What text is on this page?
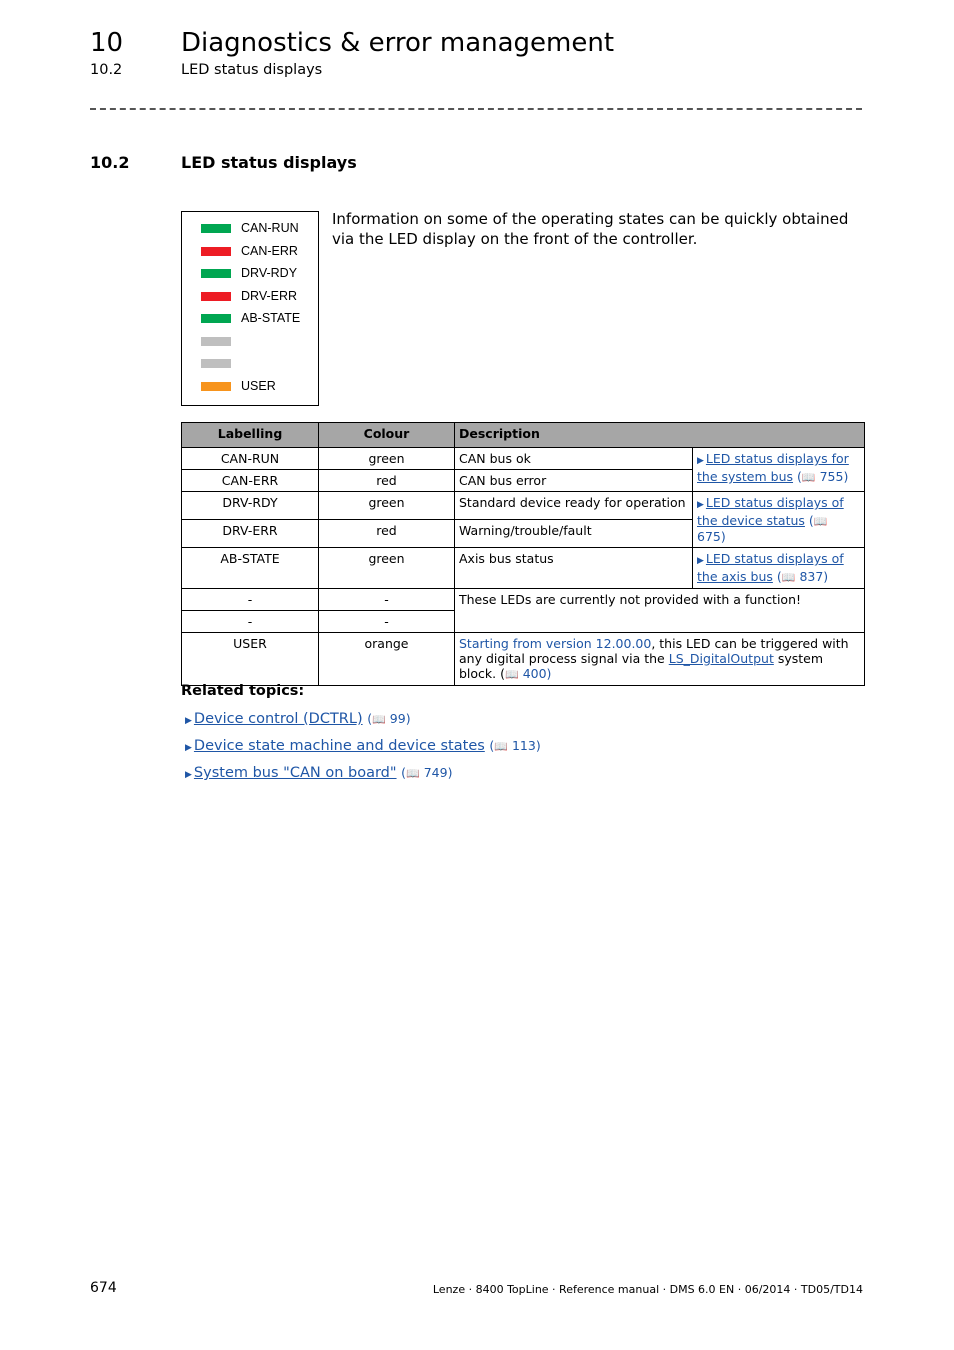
10 Diagnostics & error management
10.2	LED status displays
10.2	LED status displays
CAN-RUN
CAN-ERR
DRV-RDY
DRV-ERR
AB-STATE
USER
Information on some of the operating states can be quickly obtained via the LED display on the front of the controller.
Labelling	Colour	Description	
CAN-RUN	green	CAN bus ok	▶ LED status displays for the system bus (📖 755)
CAN-ERR	red	CAN bus error	
DRV-RDY	green	Standard device ready for operation	▶ LED status displays of the device status (📖 675)
DRV-ERR	red	Warning/trouble/fault	
AB-STATE	green	Axis bus status	▶ LED status displays of the axis bus (📖 837)
-	-	These LEDs are currently not provided with a function!	
-	-		
USER	orange	Starting from version 12.00.00, this LED can be triggered with any digital process signal via the LS_DigitalOutput system block. (📖 400)	
Related topics:
▶ Device control (DCTRL) (📖 99)
▶ Device state machine and device states (📖 113)
▶ System bus "CAN on board" (📖 749)
674	Lenze · 8400 TopLine · Reference manual · DMS 6.0 EN · 06/2014 · TD05/TD14
